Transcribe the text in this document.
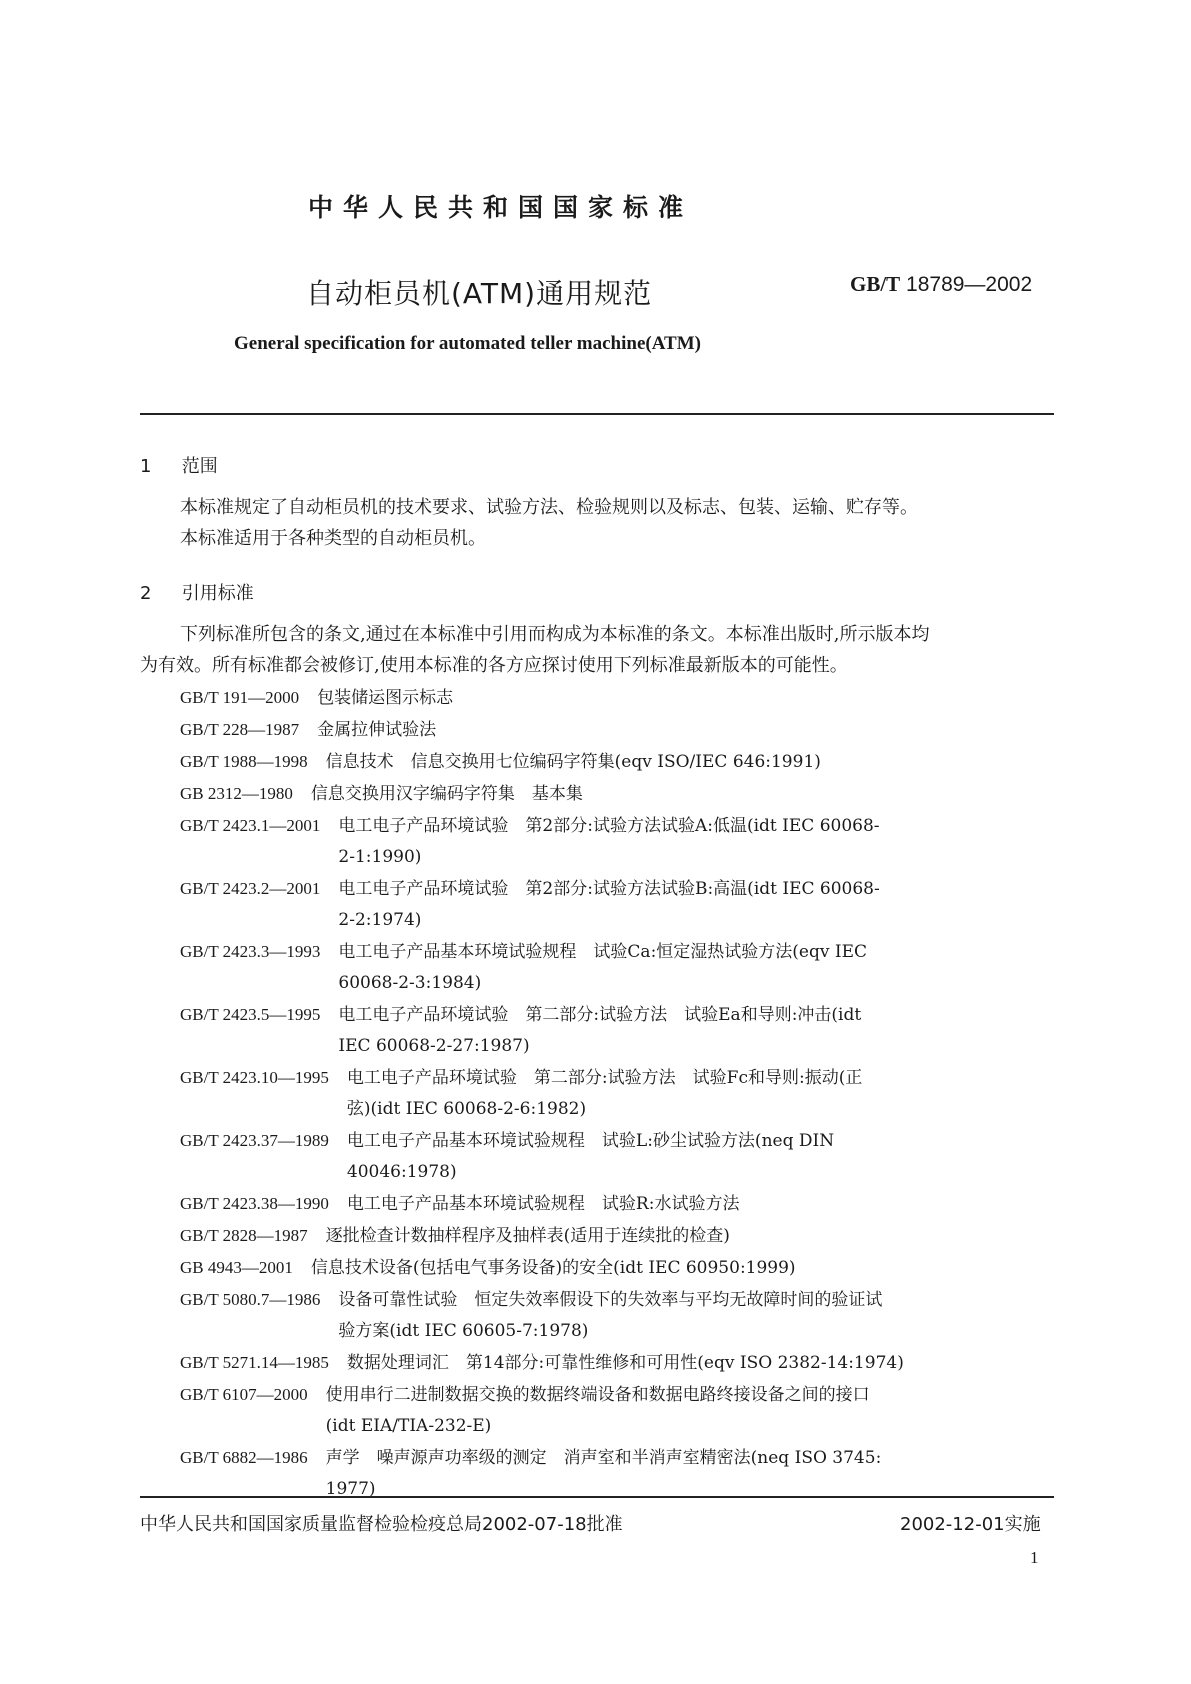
中华人民共和国国家标准
自动柜员机(ATM)通用规范	GB/T 18789—2002
General specification for automated teller machine(ATM)
1 范围
本标准规定了自动柜员机的技术要求、试验方法、检验规则以及标志、包装、运输、贮存等。
本标准适用于各种类型的自动柜员机。
2 引用标准
下列标准所包含的条文,通过在本标准中引用而构成为本标准的条文。本标准出版时,所示版本均
为有效。所有标准都会被修订,使用本标准的各方应探讨使用下列标准最新版本的可能性。
GB/T 191—2000 包装储运图示标志
GB/T 228—1987 金属拉伸试验法
GB/T 1988—1998 信息技术　信息交换用七位编码字符集(eqv ISO/IEC 646:1991)
GB 2312—1980 信息交换用汉字编码字符集　基本集
GB/T 2423.1—2001 电工电子产品环境试验　第2部分:试验方法试验A:低温(idt IEC 60068-
2-1:1990)
GB/T 2423.2—2001 电工电子产品环境试验　第2部分:试验方法试验B:高温(idt IEC 60068-
2-2:1974)
GB/T 2423.3—1993 电工电子产品基本环境试验规程　试验Ca:恒定湿热试验方法(eqv IEC
60068-2-3:1984)
GB/T 2423.5—1995 电工电子产品环境试验　第二部分:试验方法　试验Ea和导则:冲击(idt
IEC 60068-2-27:1987)
GB/T 2423.10—1995 电工电子产品环境试验　第二部分:试验方法　试验Fc和导则:振动(正
弦)(idt IEC 60068-2-6:1982)
GB/T 2423.37—1989 电工电子产品基本环境试验规程　试验L:砂尘试验方法(neq DIN
40046:1978)
GB/T 2423.38—1990 电工电子产品基本环境试验规程　试验R:水试验方法
GB/T 2828—1987 逐批检查计数抽样程序及抽样表(适用于连续批的检查)
GB 4943—2001 信息技术设备(包括电气事务设备)的安全(idt IEC 60950:1999)
GB/T 5080.7—1986 设备可靠性试验　恒定失效率假设下的失效率与平均无故障时间的验证试
验方案(idt IEC 60605-7:1978)
GB/T 5271.14—1985 数据处理词汇　第14部分:可靠性维修和可用性(eqv ISO 2382-14:1974)
GB/T 6107—2000 使用串行二进制数据交换的数据终端设备和数据电路终接设备之间的接口
(idt EIA/TIA-232-E)
GB/T 6882—1986 声学　噪声源声功率级的测定　消声室和半消声室精密法(neq ISO 3745:
1977)
中华人民共和国国家质量监督检验检疫总局2002-07-18批准	2002-12-01实施
1
